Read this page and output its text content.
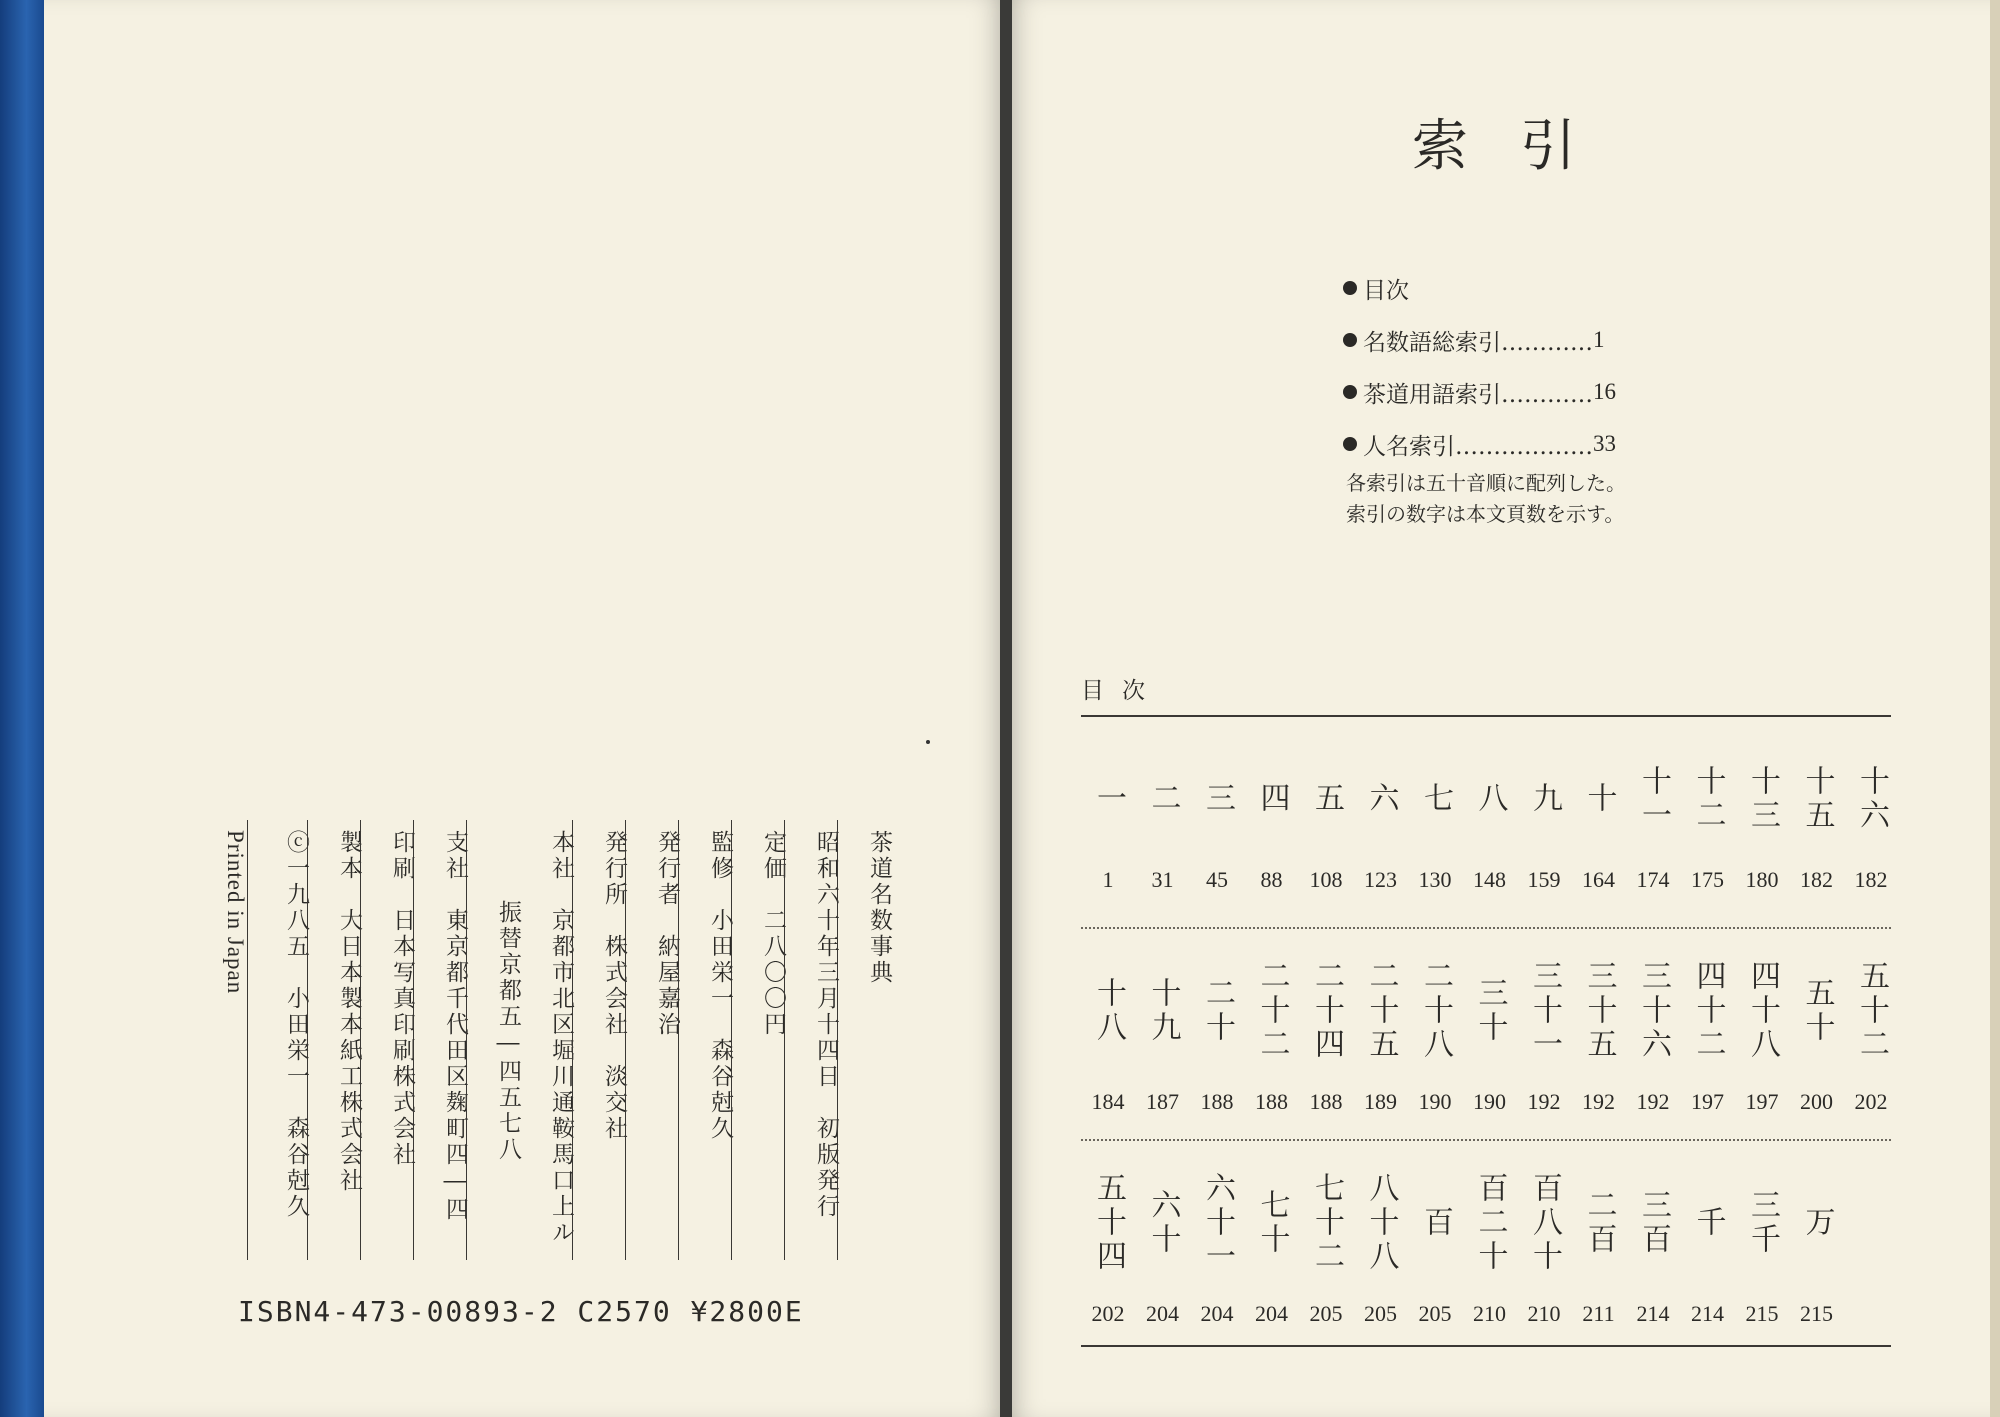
茶道名数事典
昭和六十年三月十四日　初版発行
定価　二八〇〇円
監修　小田栄一　森谷尅久
発行者　納屋嘉治
発行所　株式会社　淡交社
本社　京都市北区堀川通鞍馬口上ル
振替京都五―四五七八
支社　東京都千代田区麹町四―四
印刷　日本写真印刷株式会社
製本　大日本製本紙工株式会社
ⓒ一九八五　小田栄一　森谷尅久
Printed in Japan
ISBN4-473-00893-2 C2570 ¥2800E
索引
目次
名数語総索引………… 1
茶道用語索引………… 16
人名索引……………… 33
各索引は五十音順に配列した。
索引の数字は本文頁数を示す。
目次
一
1
二
31
三
45
四
88
五
108
六
123
七
130
八
148
九
159
十
164
十一
174
十二
175
十三
180
十五
182
十六
182
十八
184
十九
187
二十
188
二十二
188
二十四
188
二十五
189
二十八
190
三十
190
三十一
192
三十五
192
三十六
192
四十二
197
四十八
197
五十
200
五十二
202
五十四
202
六十
204
六十一
204
七十
204
七十二
205
八十八
205
百
205
百二十
210
百八十
210
二百
211
三百
214
千
214
三千
215
万
215
